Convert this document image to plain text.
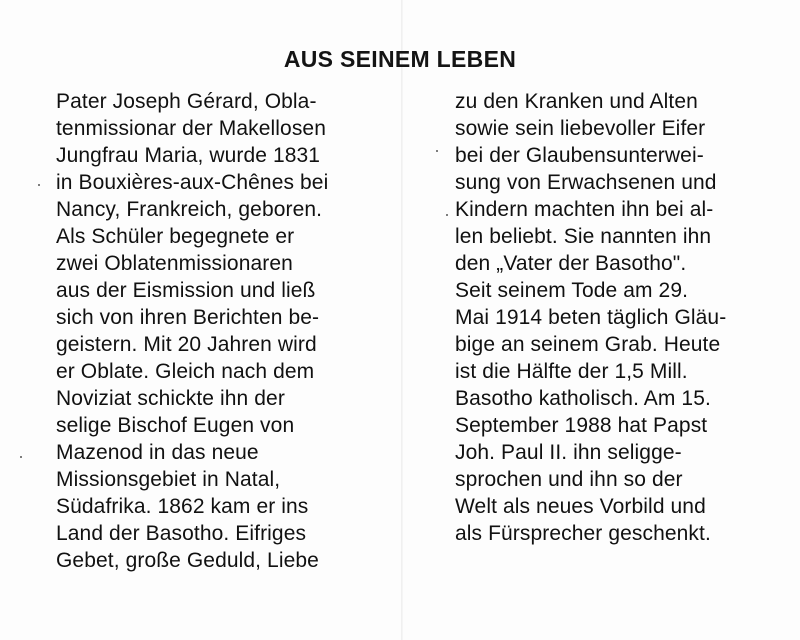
AUS SEINEM LEBEN
Pater Joseph Gérard, Obla-
tenmissionar der Makellosen
Jungfrau Maria, wurde 1831
in Bouxières-aux-Chênes bei
Nancy, Frankreich, geboren.
Als Schüler begegnete er
zwei Oblatenmissionaren
aus der Eismission und ließ
sich von ihren Berichten be-
geistern. Mit 20 Jahren wird
er Oblate. Gleich nach dem
Noviziat schickte ihn der
selige Bischof Eugen von
Mazenod in das neue
Missionsgebiet in Natal,
Südafrika. 1862 kam er ins
Land der Basotho. Eifriges
Gebet, große Geduld, Liebe
zu den Kranken und Alten
sowie sein liebevoller Eifer
bei der Glaubensunterwei-
sung von Erwachsenen und
Kindern machten ihn bei al-
len beliebt. Sie nannten ihn
den „Vater der Basotho".
Seit seinem Tode am 29.
Mai 1914 beten täglich Gläu-
bige an seinem Grab. Heute
ist die Hälfte der 1,5 Mill.
Basotho katholisch. Am 15.
September 1988 hat Papst
Joh. Paul II. ihn seligge-
sprochen und ihn so der
Welt als neues Vorbild und
als Fürsprecher geschenkt.
